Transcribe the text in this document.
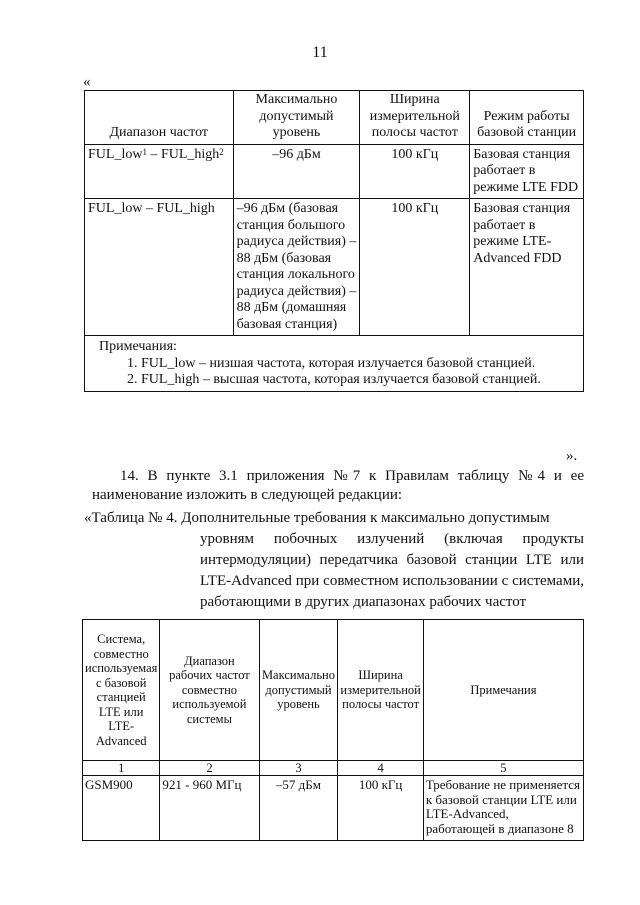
11
«
Диапазон частот	Максимально допустимый уровень	Ширина измерительной полосы частот	Режим работы базовой станции
FUL_low$^1$ – FUL_high$^2$	–96 дБм	100 кГц	Базовая станция работает в режиме LTE FDD
FUL_low – FUL_high	–96 дБм (базовая станция большого радиуса действия) –88 дБм (базовая станция локального радиуса действия) –88 дБм (домашняя базовая станция)	100 кГц	Базовая станция работает в режиме LTE-Advanced FDD

Примечания:
1. FUL_low – низшая частота, которая излучается базовой станцией.
2. FUL_high – высшая частота, которая излучается базовой станцией.			
».
14. В пункте 3.1 приложения №7 к Правилам таблицу №4 и ее наименование изложить в следующей редакции:
«Таблица № 4. Дополнительные требования к максимально допустимым
уровням побочных излучений (включая продукты интермодуляции) передатчика базовой станции LTE или LTE-Advanced при совместном использовании с системами, работающими в других диапазонах рабочих частот
Система, совместно используемая с базовой станцией LTE или LTE-Advanced	Диапазон рабочих частот совместно используемой системы	Максимально допустимый уровень	Ширина измерительной полосы частот	Примечания
1	2	3	4	5
GSM900	921 - 960 МГц	–57 дБм	100 кГц	Требование не применяется к базовой станции LTE или LTE-Advanced, работающей в диапазоне 8
